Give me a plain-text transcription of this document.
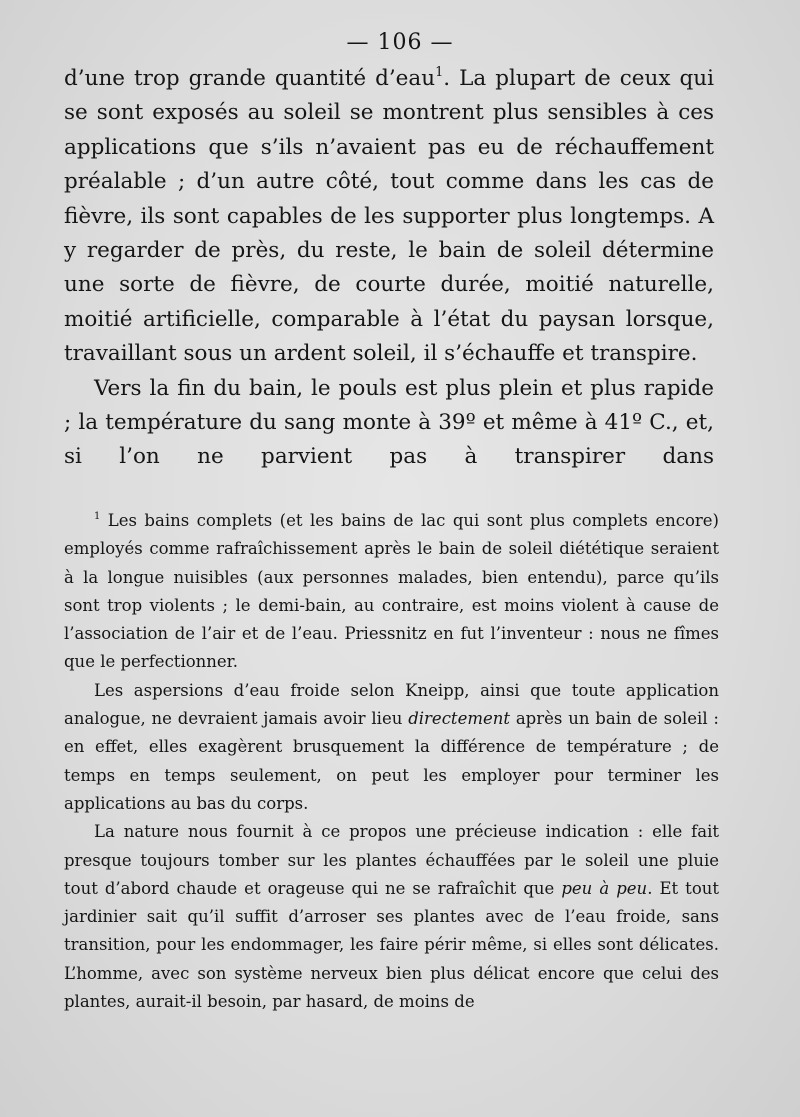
— 106 —

d’une trop grande quantité d’eau$^1$. La plupart de ceux qui se sont exposés au soleil se montrent plus sensibles à ces applications que s’ils n’avaient pas eu de réchauffement préalable ; d’un autre côté, tout comme dans les cas de fièvre, ils sont capables de les supporter plus longtemps. A y regarder de près, du reste, le bain de soleil détermine une sorte de fièvre, de courte durée, moitié naturelle, moitié artificielle, comparable à l’état du paysan lorsque, travaillant sous un ardent soleil, il s’échauffe et transpire.

Vers la fin du bain, le pouls est plus plein et plus rapide ; la température du sang monte à 39º et même à 41º C., et, si l’on ne parvient pas à transpirer dans

$^1$ Les bains complets (et les bains de lac qui sont plus complets encore) employés comme rafraîchissement après le bain de soleil diététique seraient à la longue nuisibles (aux personnes malades, bien entendu), parce qu’ils sont trop violents ; le demi-bain, au contraire, est moins violent à cause de l’association de l’air et de l’eau. Priessnitz en fut l’inventeur : nous ne fîmes que le perfectionner.

Les aspersions d’eau froide selon Kneipp, ainsi que toute application analogue, ne devraient jamais avoir lieu directement après un bain de soleil : en effet, elles exagèrent brusquement la différence de température ; de temps en temps seulement, on peut les employer pour terminer les applications au bas du corps.

La nature nous fournit à ce propos une précieuse indication : elle fait presque toujours tomber sur les plantes échauffées par le soleil une pluie tout d’abord chaude et orageuse qui ne se rafraîchit que peu à peu. Et tout jardinier sait qu’il suffit d’arroser ses plantes avec de l’eau froide, sans transition, pour les endommager, les faire périr même, si elles sont délicates. L’homme, avec son système nerveux bien plus délicat encore que celui des plantes, aurait-il besoin, par hasard, de moins de
